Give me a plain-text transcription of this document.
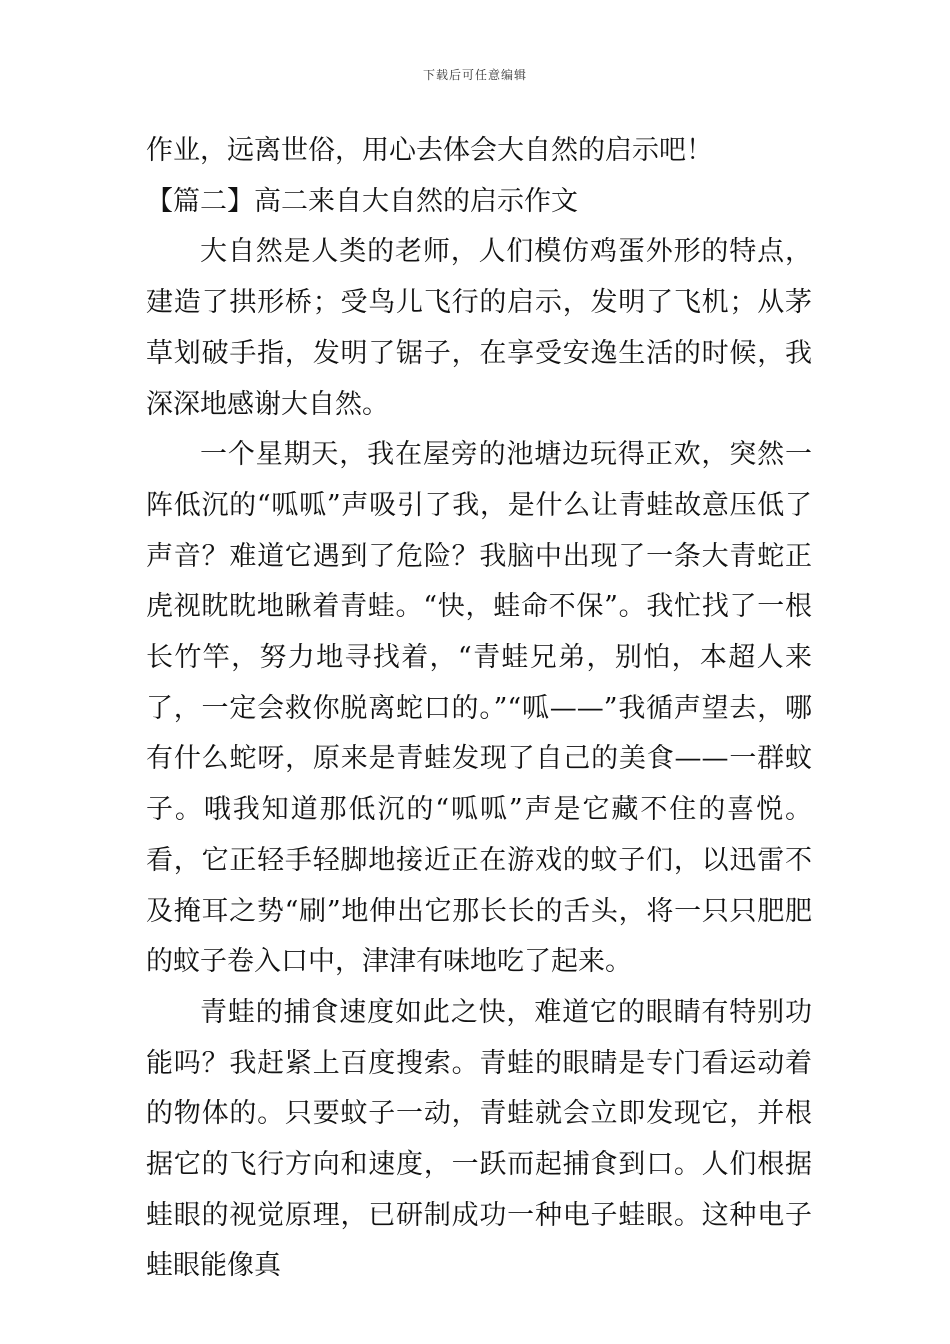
下载后可任意编辑

作业，远离世俗，用心去体会大自然的启示吧！

【篇二】高二来自大自然的启示作文

大自然是人类的老师，人们模仿鸡蛋外形的特点，建造了拱形桥；受鸟儿飞行的启示，发明了飞机；从茅草划破手指，发明了锯子，在享受安逸生活的时候，我深深地感谢大自然。

一个星期天，我在屋旁的池塘边玩得正欢，突然一阵低沉的“呱呱”声吸引了我，是什么让青蛙故意压低了声音？难道它遇到了危险？我脑中出现了一条大青蛇正虎视眈眈地瞅着青蛙。“快，蛙命不保”。我忙找了一根长竹竿，努力地寻找着，“青蛙兄弟，别怕，本超人来了，一定会救你脱离蛇口的。”“呱——”我循声望去，哪有什么蛇呀，原来是青蛙发现了自己的美食——一群蚊子。哦我知道那低沉的“呱呱”声是它藏不住的喜悦。看，它正轻手轻脚地接近正在游戏的蚊子们，以迅雷不及掩耳之势“刷”地伸出它那长长的舌头，将一只只肥肥的蚊子卷入口中，津津有味地吃了起来。

青蛙的捕食速度如此之快，难道它的眼睛有特别功能吗？我赶紧上百度搜索。青蛙的眼睛是专门看运动着的物体的。只要蚊子一动，青蛙就会立即发现它，并根据它的飞行方向和速度，一跃而起捕食到口。人们根据蛙眼的视觉原理，已研制成功一种电子蛙眼。这种电子蛙眼能像真
